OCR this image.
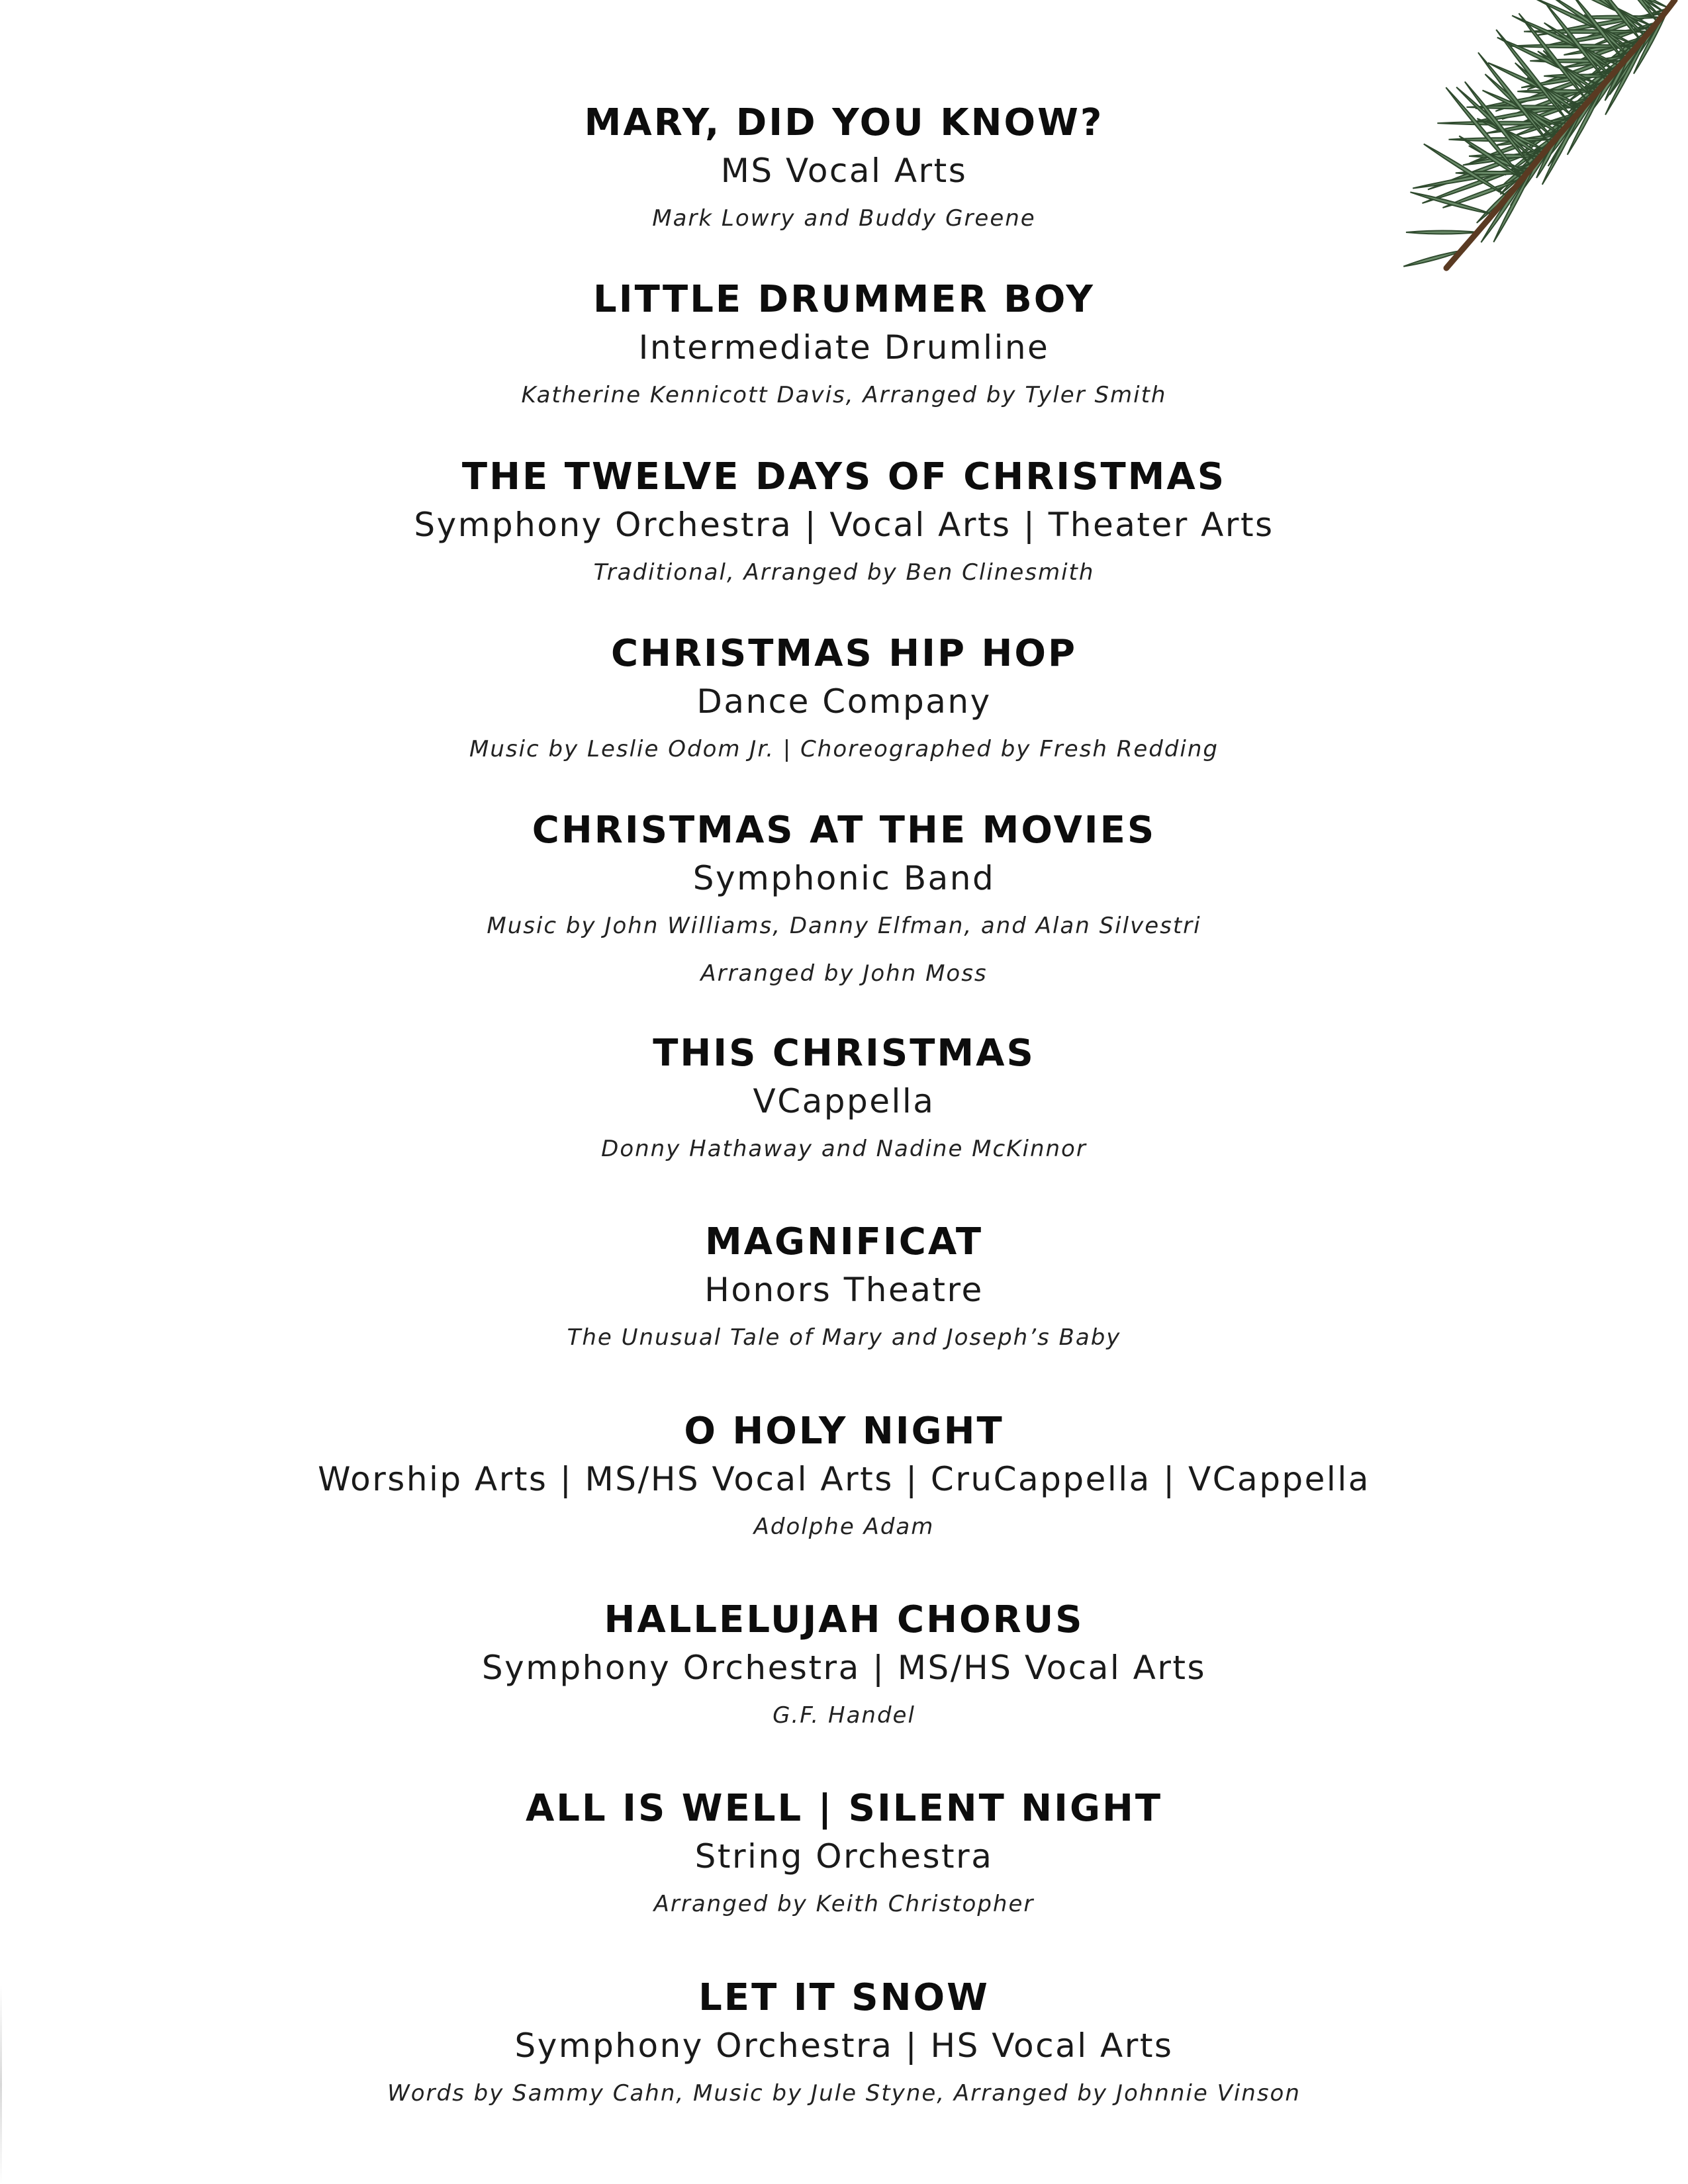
MARY, DID YOU KNOW?
MS Vocal Arts
Mark Lowry and Buddy Greene
LITTLE DRUMMER BOY
Intermediate Drumline
Katherine Kennicott Davis, Arranged by Tyler Smith
THE TWELVE DAYS OF CHRISTMAS
Symphony Orchestra | Vocal Arts | Theater Arts
Traditional, Arranged by Ben Clinesmith
CHRISTMAS HIP HOP
Dance Company
Music by Leslie Odom Jr. | Choreographed by Fresh Redding
CHRISTMAS AT THE MOVIES
Symphonic Band
Music by John Williams, Danny Elfman, and Alan Silvestri
Arranged by John Moss
THIS CHRISTMAS
VCappella
Donny Hathaway and Nadine McKinnor
MAGNIFICAT
Honors Theatre
The Unusual Tale of Mary and Joseph’s Baby
O HOLY NIGHT
Worship Arts | MS/HS Vocal Arts | CruCappella | VCappella
Adolphe Adam
HALLELUJAH CHORUS
Symphony Orchestra | MS/HS Vocal Arts
G.F. Handel
ALL IS WELL | SILENT NIGHT
String Orchestra
Arranged by Keith Christopher
LET IT SNOW
Symphony Orchestra | HS Vocal Arts
Words by Sammy Cahn, Music by Jule Styne, Arranged by Johnnie Vinson
